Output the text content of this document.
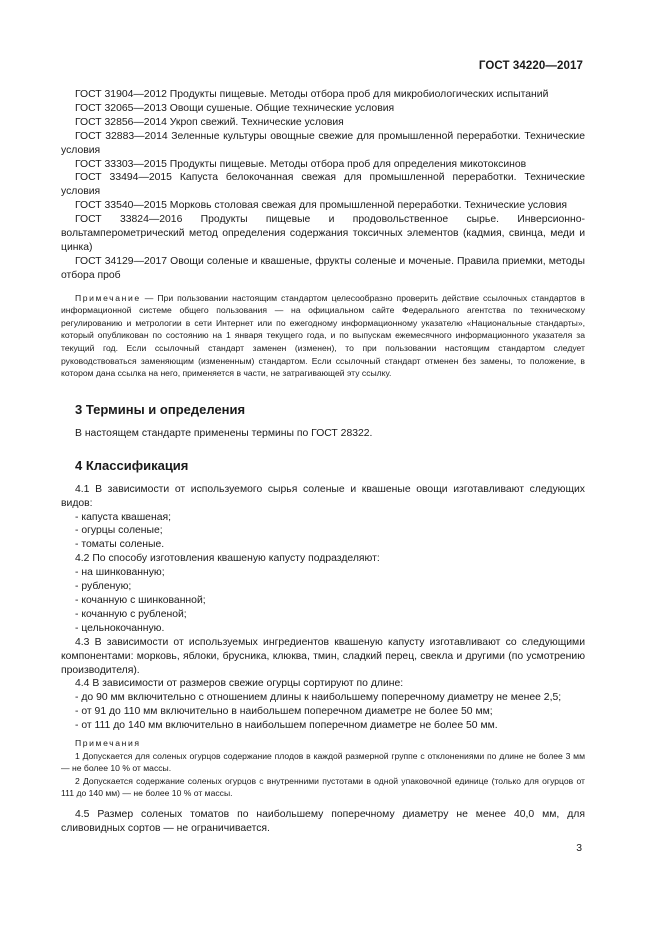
ГОСТ 34220—2017

ГОСТ 31904—2012 Продукты пищевые. Методы отбора проб для микробиологических испытаний

ГОСТ 32065—2013 Овощи сушеные. Общие технические условия

ГОСТ 32856—2014 Укроп свежий. Технические условия

ГОСТ 32883—2014 Зеленные культуры овощные свежие для промышленной переработки. Технические условия

ГОСТ 33303—2015 Продукты пищевые. Методы отбора проб для определения микотоксинов

ГОСТ 33494—2015 Капуста белокочанная свежая для промышленной переработки. Технические условия

ГОСТ 33540—2015 Морковь столовая свежая для промышленной переработки. Технические условия

ГОСТ 33824—2016 Продукты пищевые и продовольственное сырье. Инверсионно-вольтамперометрический метод определения содержания токсичных элементов (кадмия, свинца, меди и цинка)

ГОСТ 34129—2017 Овощи соленые и квашеные, фрукты соленые и моченые. Правила приемки, методы отбора проб

Примечание — При пользовании настоящим стандартом целесообразно проверить действие ссылочных стандартов в информационной системе общего пользования — на официальном сайте Федерального агентства по техническому регулированию и метрологии в сети Интернет или по ежегодному информационному указателю «Национальные стандарты», который опубликован по состоянию на 1 января текущего года, и по выпускам ежемесячного информационного указателя за текущий год. Если ссылочный стандарт заменен (изменен), то при пользовании настоящим стандартом следует руководствоваться заменяющим (измененным) стандартом. Если ссылочный стандарт отменен без замены, то положение, в котором дана ссылка на него, применяется в части, не затрагивающей эту ссылку.

3 Термины и определения

В настоящем стандарте применены термины по ГОСТ 28322.

4 Классификация

4.1 В зависимости от используемого сырья соленые и квашеные овощи изготавливают следующих видов:

- капуста квашеная;

- огурцы соленые;

- томаты соленые.

4.2 По способу изготовления квашеную капусту подразделяют:

- на шинкованную;

- рубленую;

- кочанную с шинкованной;

- кочанную с рубленой;

- цельнокочанную.

4.3 В зависимости от используемых ингредиентов квашеную капусту изготавливают со следующими компонентами: морковь, яблоки, брусника, клюква, тмин, сладкий перец, свекла и другими (по усмотрению производителя).

4.4 В зависимости от размеров свежие огурцы сортируют по длине:

- до 90 мм включительно с отношением длины к наибольшему поперечному диаметру не менее 2,5;

- от 91 до 110 мм включительно в наибольшем поперечном диаметре не более 50 мм;

- от 111 до 140 мм включительно в наибольшем поперечном диаметре не более 50 мм.

Примечания

1 Допускается для соленых огурцов содержание плодов в каждой размерной группе с отклонениями по длине не более 3 мм — не более 10 % от массы.

2 Допускается содержание соленых огурцов с внутренними пустотами в одной упаковочной единице (только для огурцов от 111 до 140 мм) — не более 10 % от массы.

4.5 Размер соленых томатов по наибольшему поперечному диаметру не менее 40,0 мм, для сливовидных сортов — не ограничивается.

3
